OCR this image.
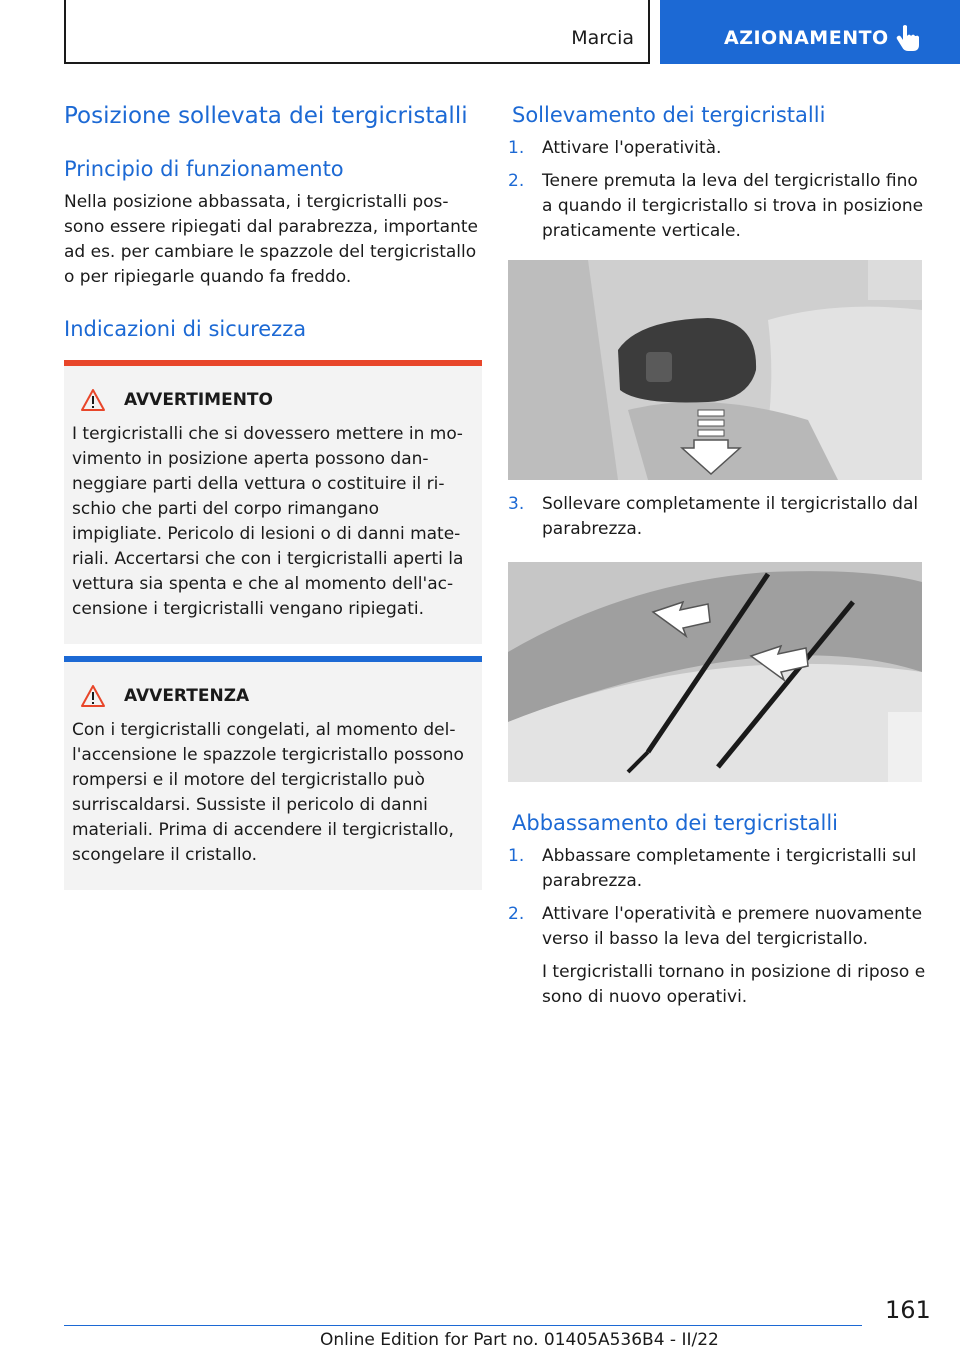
Marcia	AZIONAMENTO
Posizione sollevata dei tergicristalli
Principio di funzionamento

Nella posizione abbassata, i tergicristalli possono essere ripiegati dal parabrezza, importante ad es. per cambiare le spazzole del tergicristallo o per ripiegarle quando fa freddo.

Indicazioni di sicurezza
AVVERTIMENTO

I tergicristalli che si dovessero mettere in movimento in posizione aperta possono danneggiare parti della vettura o costituire il rischio che parti del corpo rimangano impigliate. Pericolo di lesioni o di danni materiali. Accertarsi che con i tergicristalli aperti la vettura sia spenta e che al momento dell'accensione i tergicristalli vengano ripiegati.

AVVERTENZA

Con i tergicristalli congelati, al momento dell'accensione le spazzole tergicristallo possono rompersi e il motore del tergicristallo può surriscaldarsi. Sussiste il pericolo di danni materiali. Prima di accendere il tergicristallo, scongelare il cristallo.

Sollevamento dei tergicristalli
1. Attivare l'operatività.
2. Tenere premuta la leva del tergicristallo fino a quando il tergicristallo si trova in posizione praticamente verticale.
3. Sollevare completamente il tergicristallo dal parabrezza.
Abbassamento dei tergicristalli
1. Abbassare completamente i tergicristalli sul parabrezza.
2. Attivare l'operatività e premere nuovamente verso il basso la leva del tergicristallo.

I tergicristalli tornano in posizione di riposo e sono di nuovo operativi.

161
Online Edition for Part no. 01405A536B4 - II/22
